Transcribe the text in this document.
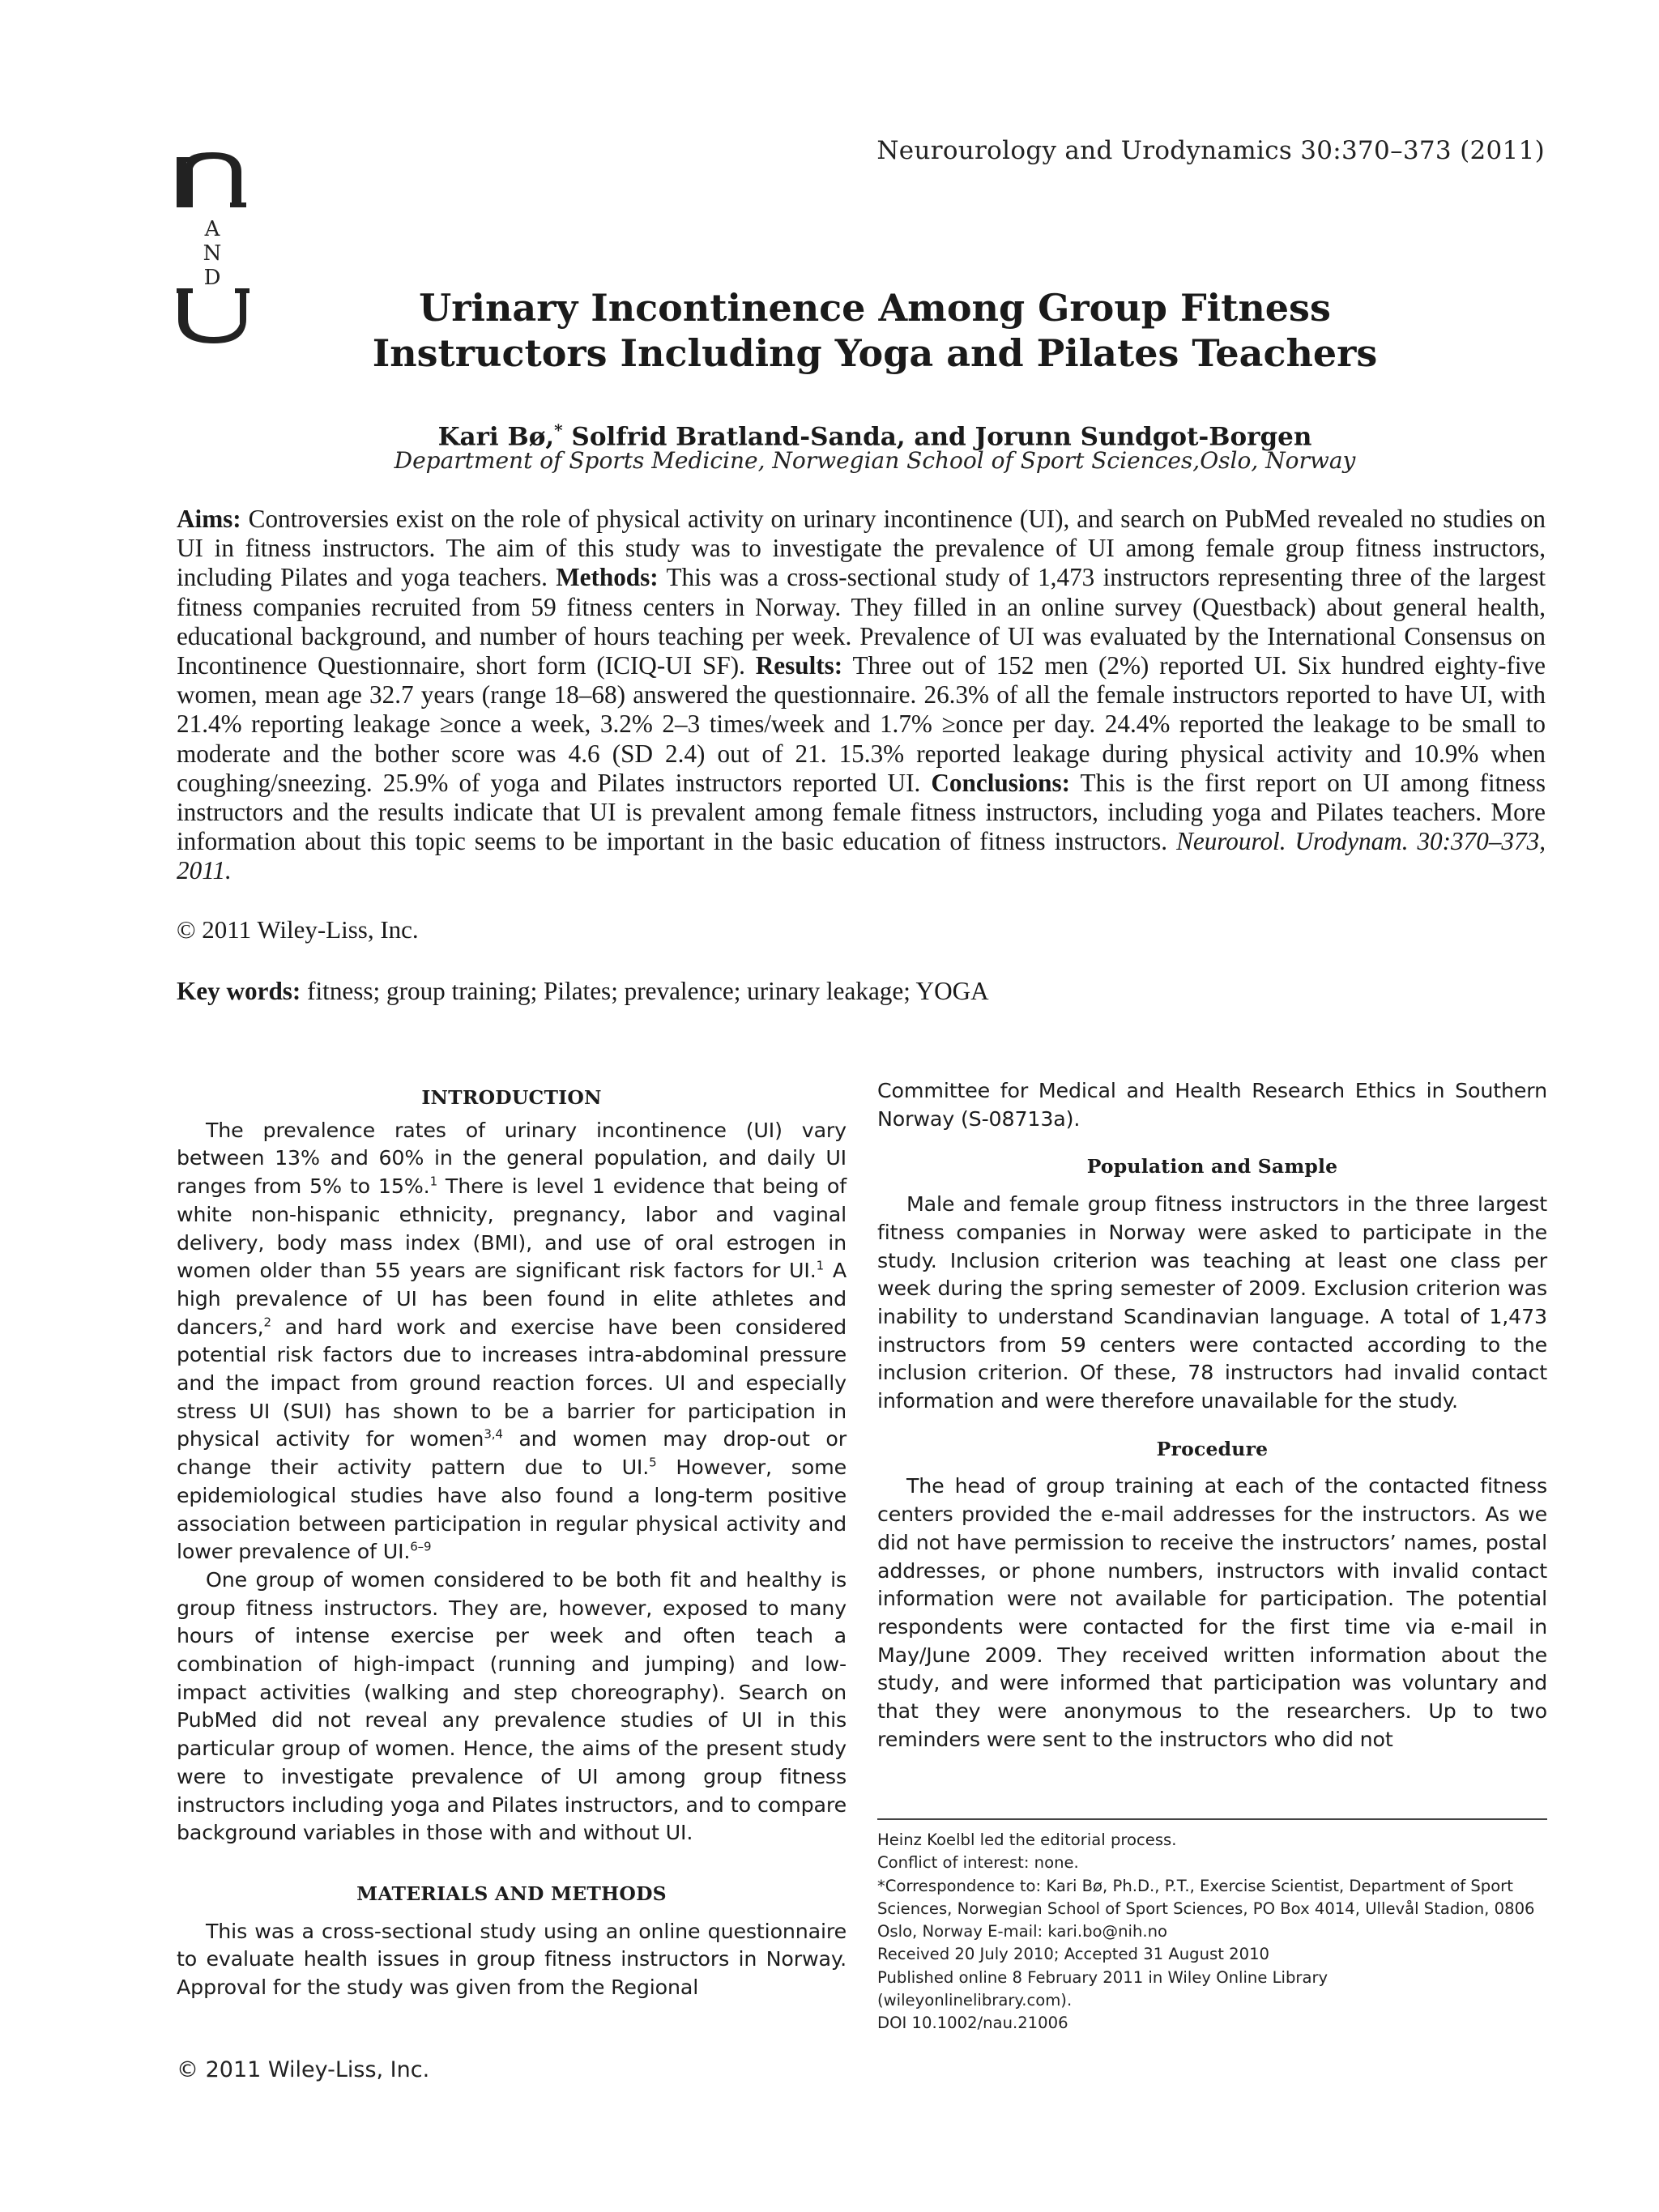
A
N
D
Neurourology and Urodynamics 30:370–373 (2011)
Urinary Incontinence Among Group Fitness
Instructors Including Yoga and Pilates Teachers
Kari Bø,* Solfrid Bratland-Sanda, and Jorunn Sundgot-Borgen
Department of Sports Medicine, Norwegian School of Sport Sciences,Oslo, Norway
Aims: Controversies exist on the role of physical activity on urinary incontinence (UI), and search on PubMed revealed no studies on UI in fitness instructors. The aim of this study was to investigate the prevalence of UI among female group fitness instructors, including Pilates and yoga teachers. Methods: This was a cross-sectional study of 1,473 instructors representing three of the largest fitness companies recruited from 59 fitness centers in Norway. They filled in an online survey (Questback) about general health, educational background, and number of hours teaching per week. Prevalence of UI was evaluated by the International Consensus on Incontinence Questionnaire, short form (ICIQ-UI SF). Results: Three out of 152 men (2%) reported UI. Six hundred eighty-five women, mean age 32.7 years (range 18–68) answered the questionnaire. 26.3% of all the female instructors reported to have UI, with 21.4% reporting leakage ≥once a week, 3.2% 2–3 times/week and 1.7% ≥once per day. 24.4% reported the leakage to be small to moderate and the bother score was 4.6 (SD 2.4) out of 21. 15.3% reported leakage during physical activity and 10.9% when coughing/sneezing. 25.9% of yoga and Pilates instructors reported UI. Conclusions: This is the first report on UI among fitness instructors and the results indicate that UI is prevalent among female fitness instructors, including yoga and Pilates teachers. More information about this topic seems to be important in the basic education of fitness instructors. Neurourol. Urodynam. 30:370–373, 2011.
© 2011 Wiley-Liss, Inc.
Key words: fitness; group training; Pilates; prevalence; urinary leakage; YOGA
INTRODUCTION

The prevalence rates of urinary incontinence (UI) vary between 13% and 60% in the general population, and daily UI ranges from 5% to 15%.$^1$ There is level 1 evidence that being of white non-hispanic ethnicity, pregnancy, labor and vaginal delivery, body mass index (BMI), and use of oral estrogen in women older than 55 years are significant risk factors for UI.$^1$ A high prevalence of UI has been found in elite athletes and dancers,$^2$ and hard work and exercise have been considered potential risk factors due to increases intra-abdominal pressure and the impact from ground reaction forces. UI and especially stress UI (SUI) has shown to be a barrier for participation in physical activity for women$^{3,4}$ and women may drop-out or change their activity pattern due to UI.$^5$ However, some epidemiological studies have also found a long-term positive association between participation in regular physical activity and lower prevalence of UI.$^{6-9}$

One group of women considered to be both fit and healthy is group fitness instructors. They are, however, exposed to many hours of intense exercise per week and often teach a combination of high-impact (running and jumping) and low-impact activities (walking and step choreography). Search on PubMed did not reveal any prevalence studies of UI in this particular group of women. Hence, the aims of the present study were to investigate prevalence of UI among group fitness instructors including yoga and Pilates instructors, and to compare background variables in those with and without UI.

MATERIALS AND METHODS

This was a cross-sectional study using an online questionnaire to evaluate health issues in group fitness instructors in Norway. Approval for the study was given from the Regional

Committee for Medical and Health Research Ethics in Southern Norway (S-08713a).

Population and Sample

Male and female group fitness instructors in the three largest fitness companies in Norway were asked to participate in the study. Inclusion criterion was teaching at least one class per week during the spring semester of 2009. Exclusion criterion was inability to understand Scandinavian language. A total of 1,473 instructors from 59 centers were contacted according to the inclusion criterion. Of these, 78 instructors had invalid contact information and were therefore unavailable for the study.

Procedure

The head of group training at each of the contacted fitness centers provided the e-mail addresses for the instructors. As we did not have permission to receive the instructors’ names, postal addresses, or phone numbers, instructors with invalid contact information were not available for participation. The potential respondents were contacted for the first time via e-mail in May/June 2009. They received written information about the study, and were informed that participation was voluntary and that they were anonymous to the researchers. Up to two reminders were sent to the instructors who did not

Heinz Koelbl led the editorial process.
Conflict of interest: none.
*Correspondence to: Kari Bø, Ph.D., P.T., Exercise Scientist, Department of Sport
Sciences, Norwegian School of Sport Sciences, PO Box 4014, Ullevål Stadion, 0806
Oslo, Norway E-mail: kari.bo@nih.no
Received 20 July 2010; Accepted 31 August 2010
Published online 8 February 2011 in Wiley Online Library
(wileyonlinelibrary.com).
DOI 10.1002/nau.21006
© 2011 Wiley-Liss, Inc.
